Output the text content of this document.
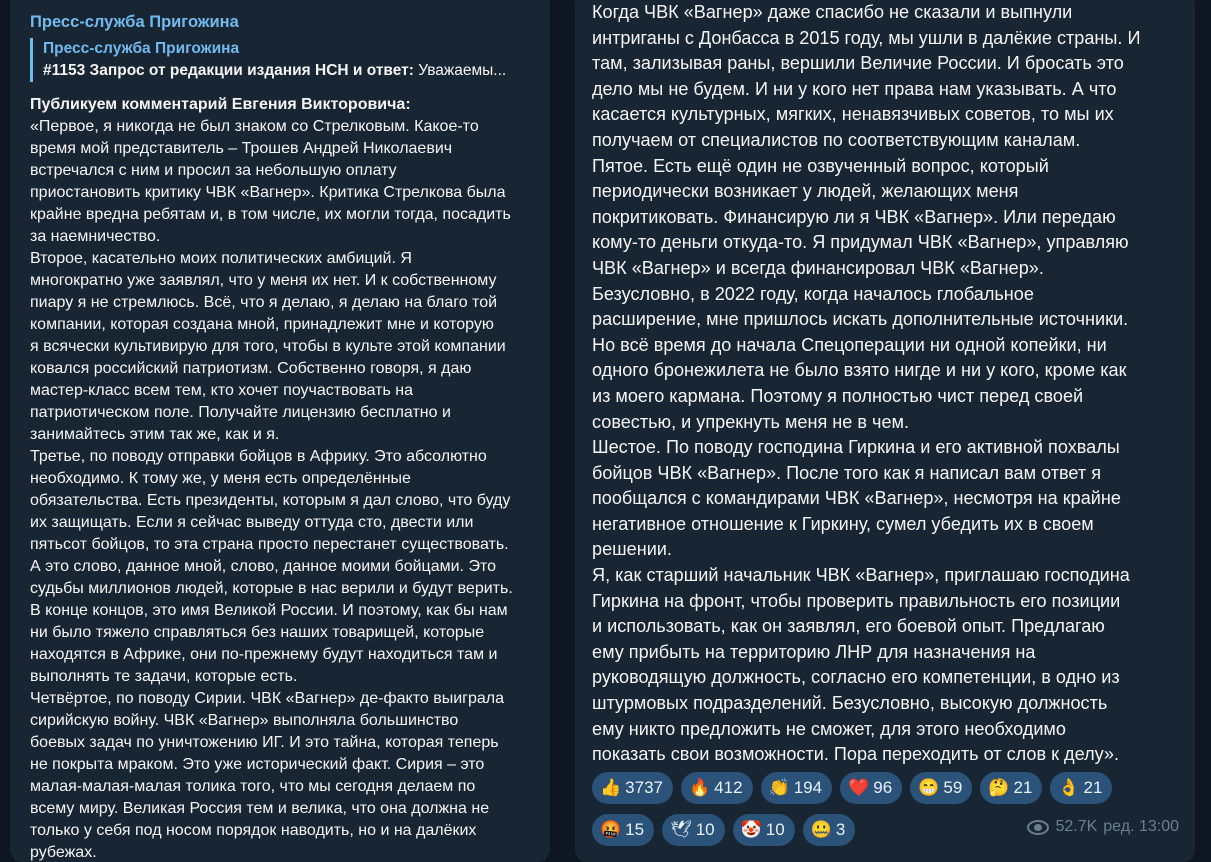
Пресс-служба Пригожина
Пресс-служба Пригожина
#1153 Запрос от редакции издания НСН и ответ: Уважаемы...
Публикуем комментарий Евгения Викторовича:
«Первое, я никогда не был знаком со Стрелковым. Какое-то
время мой представитель – Трошев Андрей Николаевич
встречался с ним и просил за небольшую оплату
приостановить критику ЧВК «Вагнер». Критика Стрелкова была
крайне вредна ребятам и, в том числе, их могли тогда, посадить
за наемничество.
Второе, касательно моих политических амбиций. Я
многократно уже заявлял, что у меня их нет. И к собственному
пиару я не стремлюсь. Всё, что я делаю, я делаю на благо той
компании, которая создана мной, принадлежит мне и которую
я всячески культивирую для того, чтобы в культе этой компании
ковался российский патриотизм. Собственно говоря, я даю
мастер-класс всем тем, кто хочет поучаствовать на
патриотическом поле. Получайте лицензию бесплатно и
занимайтесь этим так же, как и я.
Третье, по поводу отправки бойцов в Африку. Это абсолютно
необходимо. К тому же, у меня есть определённые
обязательства. Есть президенты, которым я дал слово, что буду
их защищать. Если я сейчас выведу оттуда сто, двести или
пятьсот бойцов, то эта страна просто перестанет существовать.
А это слово, данное мной, слово, данное моими бойцами. Это
судьбы миллионов людей, которые в нас верили и будут верить.
В конце концов, это имя Великой России. И поэтому, как бы нам
ни было тяжело справляться без наших товарищей, которые
находятся в Африке, они по-прежнему будут находиться там и
выполнять те задачи, которые есть.
Четвёртое, по поводу Сирии. ЧВК «Вагнер» де-факто выиграла
сирийскую войну. ЧВК «Вагнер» выполняла большинство
боевых задач по уничтожению ИГ. И это тайна, которая теперь
не покрыта мраком. Это уже исторический факт. Сирия – это
малая-малая-малая толика того, что мы сегодня делаем по
всему миру. Великая Россия тем и велика, что она должна не
только у себя под носом порядок наводить, но и на далёких
рубежах.
Когда ЧВК «Вагнер» даже спасибо не сказали и выпнули
интриганы с Донбасса в 2015 году, мы ушли в далёкие страны. И
там, зализывая раны, вершили Величие России. И бросать это
дело мы не будем. И ни у кого нет права нам указывать. А что
касается культурных, мягких, ненавязчивых советов, то мы их
получаем от специалистов по соответствующим каналам.
Пятое. Есть ещё один не озвученный вопрос, который
периодически возникает у людей, желающих меня
покритиковать. Финансирую ли я ЧВК «Вагнер». Или передаю
кому-то деньги откуда-то. Я придумал ЧВК «Вагнер», управляю
ЧВК «Вагнер» и всегда финансировал ЧВК «Вагнер».
Безусловно, в 2022 году, когда началось глобальное
расширение, мне пришлось искать дополнительные источники.
Но всё время до начала Спецоперации ни одной копейки, ни
одного бронежилета не было взято нигде и ни у кого, кроме как
из моего кармана. Поэтому я полностью чист перед своей
совестью, и упрекнуть меня не в чем.
Шестое. По поводу господина Гиркина и его активной похвалы
бойцов ЧВК «Вагнер». После того как я написал вам ответ я
пообщался с командирами ЧВК «Вагнер», несмотря на крайне
негативное отношение к Гиркину, сумел убедить их в своем
решении.
Я, как старший начальник ЧВК «Вагнер», приглашаю господина
Гиркина на фронт, чтобы проверить правильность его позиции
и использовать, как он заявлял, его боевой опыт. Предлагаю
ему прибыть на территорию ЛНР для назначения на
руководящую должность, согласно его компетенции, в одно из
штурмовых подразделений. Безусловно, высокую должность
ему никто предложить не сможет, для этого необходимо
показать свои возможности. Пора переходить от слов к делу».
👍 3737 🔥 412 👏 194 ❤️ 96 😁 59 🤔 21 👌 21
🤬 15 🕊 10 🤡 10 🤐 3	52.7K ред. 13:00
